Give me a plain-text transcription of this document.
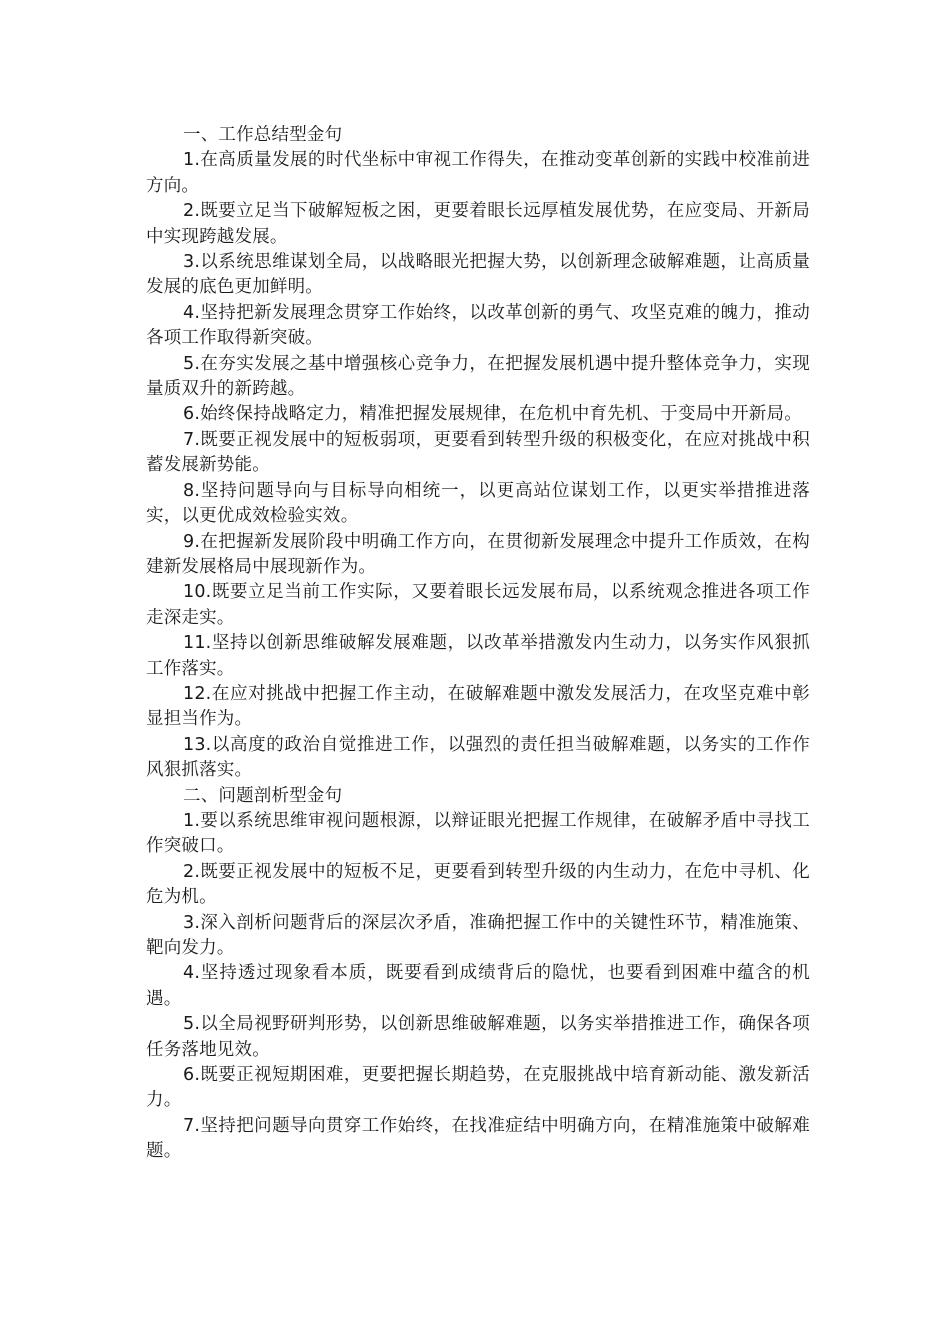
一、工作总结型金句

1.在高质量发展的时代坐标中审视工作得失，在推动变革创新的实践中校准前进方向。

2.既要立足当下破解短板之困，更要着眼长远厚植发展优势，在应变局、开新局中实现跨越发展。

3.以系统思维谋划全局，以战略眼光把握大势，以创新理念破解难题，让高质量发展的底色更加鲜明。

4.坚持把新发展理念贯穿工作始终，以改革创新的勇气、攻坚克难的魄力，推动各项工作取得新突破。

5.在夯实发展之基中增强核心竞争力，在把握发展机遇中提升整体竞争力，实现量质双升的新跨越。

6.始终保持战略定力，精准把握发展规律，在危机中育先机、于变局中开新局。

7.既要正视发展中的短板弱项，更要看到转型升级的积极变化，在应对挑战中积蓄发展新势能。

8.坚持问题导向与目标导向相统一，以更高站位谋划工作，以更实举措推进落实，以更优成效检验实效。

9.在把握新发展阶段中明确工作方向，在贯彻新发展理念中提升工作质效，在构建新发展格局中展现新作为。

10.既要立足当前工作实际，又要着眼长远发展布局，以系统观念推进各项工作走深走实。

11.坚持以创新思维破解发展难题，以改革举措激发内生动力，以务实作风狠抓工作落实。

12.在应对挑战中把握工作主动，在破解难题中激发发展活力，在攻坚克难中彰显担当作为。

13.以高度的政治自觉推进工作，以强烈的责任担当破解难题，以务实的工作作风狠抓落实。

二、问题剖析型金句

1.要以系统思维审视问题根源，以辩证眼光把握工作规律，在破解矛盾中寻找工作突破口。

2.既要正视发展中的短板不足，更要看到转型升级的内生动力，在危中寻机、化危为机。

3.深入剖析问题背后的深层次矛盾，准确把握工作中的关键性环节，精准施策、靶向发力。

4.坚持透过现象看本质，既要看到成绩背后的隐忧，也要看到困难中蕴含的机遇。

5.以全局视野研判形势，以创新思维破解难题，以务实举措推进工作，确保各项任务落地见效。

6.既要正视短期困难，更要把握长期趋势，在克服挑战中培育新动能、激发新活力。

7.坚持把问题导向贯穿工作始终，在找准症结中明确方向，在精准施策中破解难题。
